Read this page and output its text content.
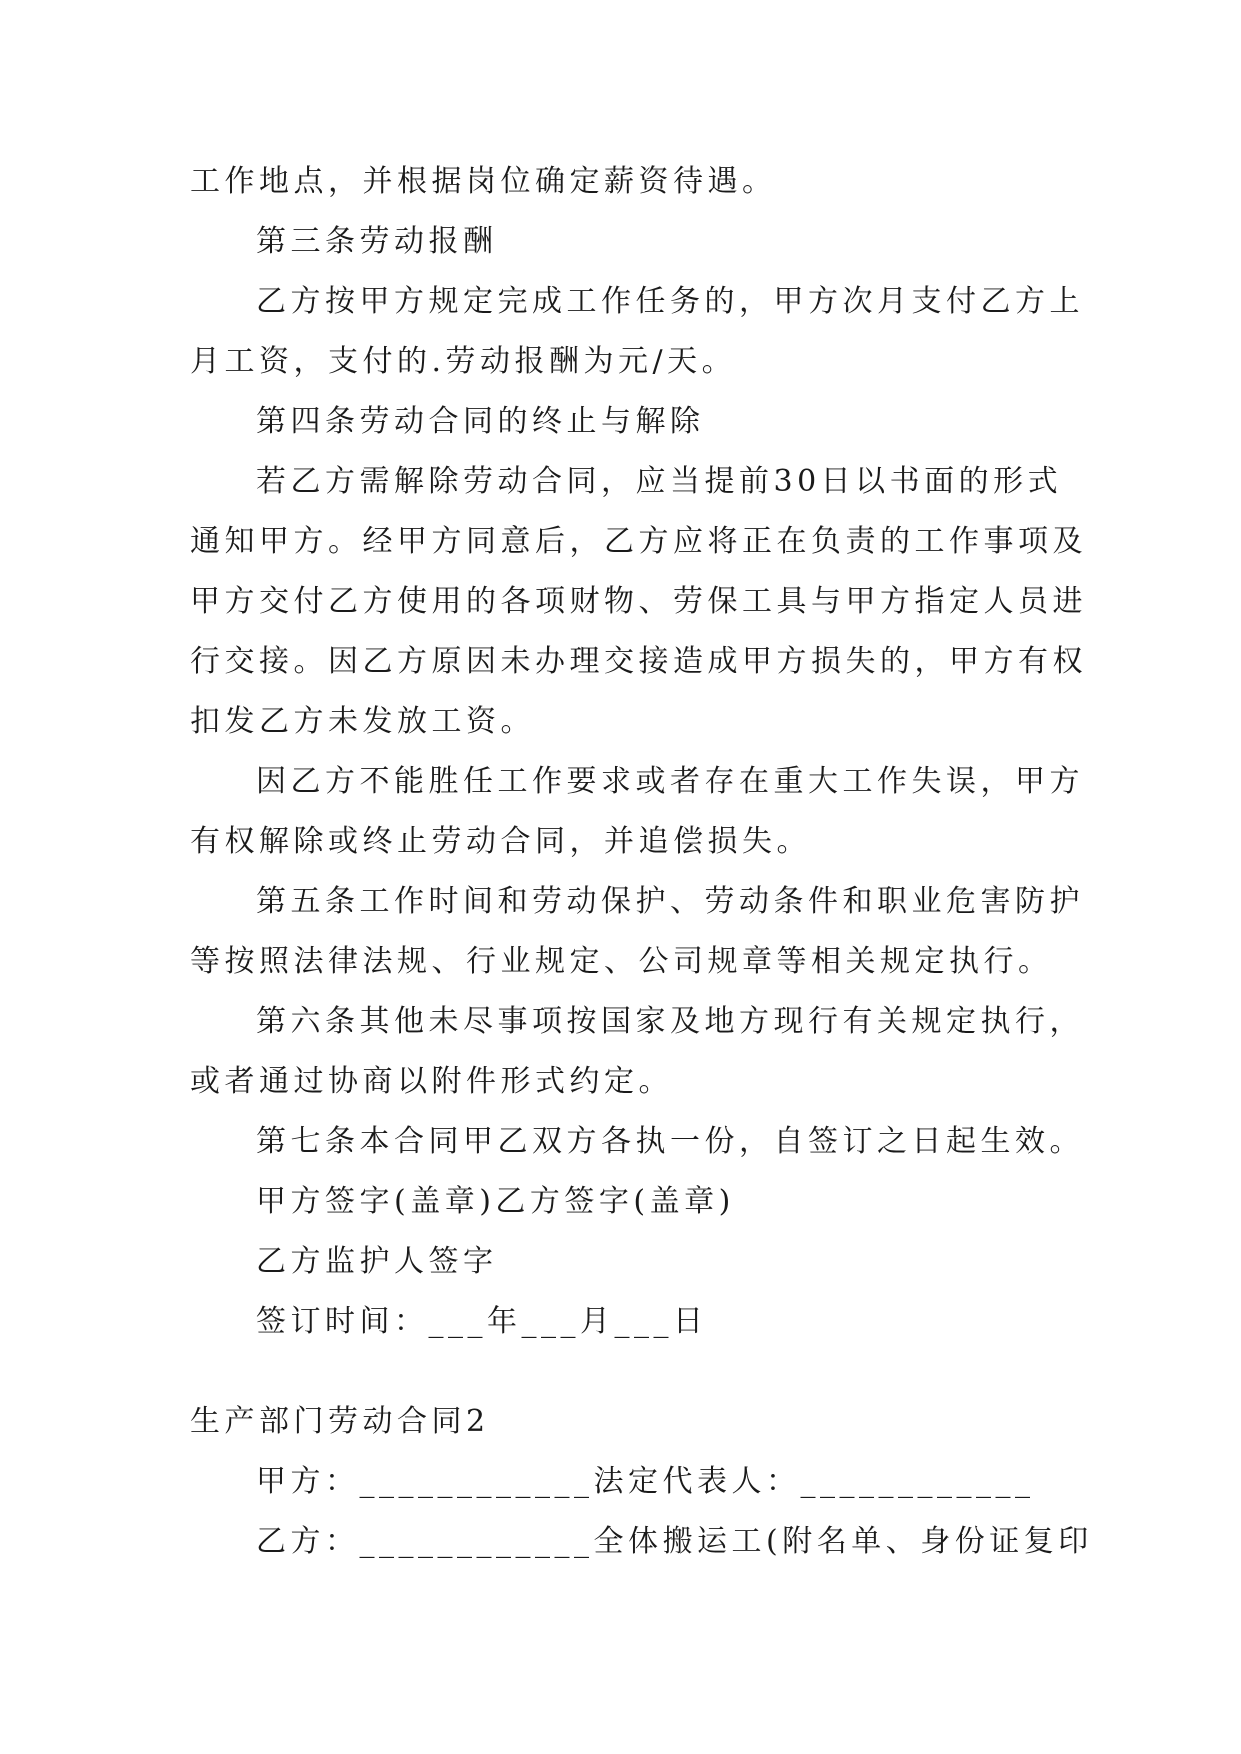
工作地点，并根据岗位确定薪资待遇。
第三条劳动报酬
乙方按甲方规定完成工作任务的，甲方次月支付乙方上
月工资，支付的.劳动报酬为元/天。
第四条劳动合同的终止与解除
若乙方需解除劳动合同，应当提前30日以书面的形式
通知甲方。经甲方同意后，乙方应将正在负责的工作事项及
甲方交付乙方使用的各项财物、劳保工具与甲方指定人员进
行交接。因乙方原因未办理交接造成甲方损失的，甲方有权
扣发乙方未发放工资。
因乙方不能胜任工作要求或者存在重大工作失误，甲方
有权解除或终止劳动合同，并追偿损失。
第五条工作时间和劳动保护、劳动条件和职业危害防护
等按照法律法规、行业规定、公司规章等相关规定执行。
第六条其他未尽事项按国家及地方现行有关规定执行，
或者通过协商以附件形式约定。
第七条本合同甲乙双方各执一份，自签订之日起生效。
甲方签字(盖章)乙方签字(盖章)
乙方监护人签字
签订时间：___年___月___日
生产部门劳动合同2
甲方：____________法定代表人：____________
乙方：____________全体搬运工(附名单、身份证复印
